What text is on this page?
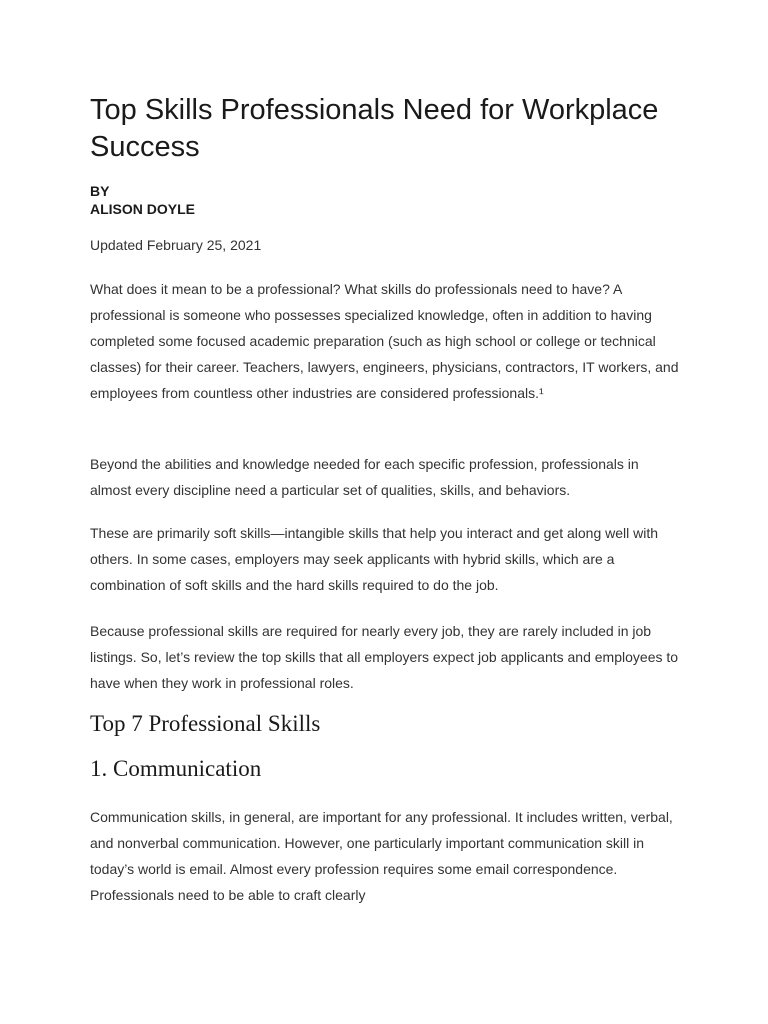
Top Skills Professionals Need for Workplace Success
BY
ALISON DOYLE
Updated February 25, 2021

What does it mean to be a professional? What skills do professionals need to have? A professional is someone who possesses specialized knowledge, often in addition to having completed some focused academic preparation (such as high school or college or technical classes) for their career. Teachers, lawyers, engineers, physicians, contractors, IT workers, and employees from countless other industries are considered professionals.¹

Beyond the abilities and knowledge needed for each specific profession, professionals in almost every discipline need a particular set of qualities, skills, and behaviors.

These are primarily soft skills—intangible skills that help you interact and get along well with others. In some cases, employers may seek applicants with hybrid skills, which are a combination of soft skills and the hard skills required to do the job.

Because professional skills are required for nearly every job, they are rarely included in job listings. So, let’s review the top skills that all employers expect job applicants and employees to have when they work in professional roles.

Top 7 Professional Skills
1. Communication

Communication skills, in general, are important for any professional. It includes written, verbal, and nonverbal communication. However, one particularly important communication skill in today’s world is email. Almost every profession requires some email correspondence. Professionals need to be able to craft clearly
